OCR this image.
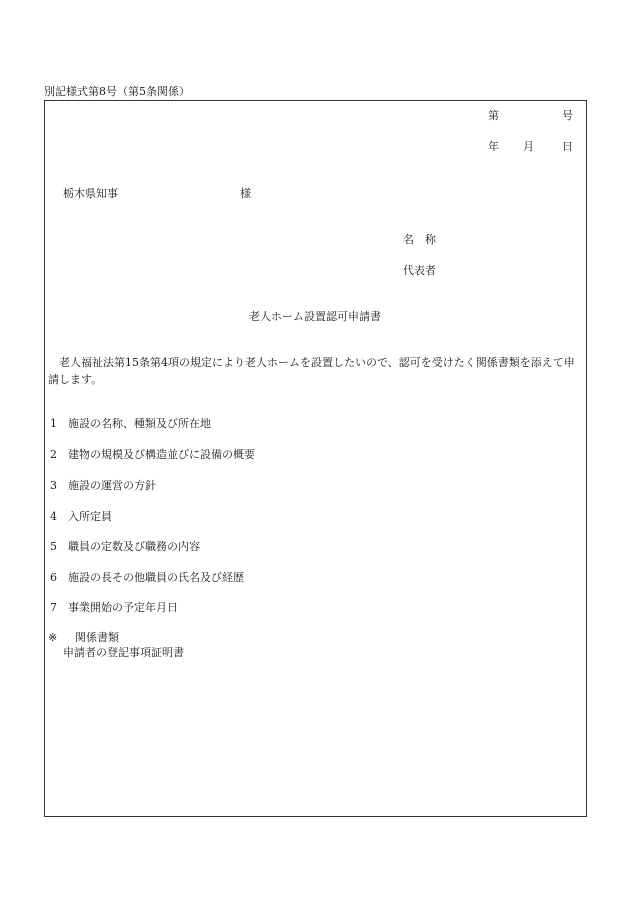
別記様式第8号（第5条関係）
第	号
年 月	日
栃木県知事	様
名　称
代表者
老人ホーム設置認可申請書
老人福祉法第15条第4項の規定により老人ホームを設置したいので、認可を受けたく関係書類を添えて申請します。
1 施設の名称、種類及び所在地
2 建物の規模及び構造並びに設備の概要
3 施設の運営の方針
4 入所定員
5 職員の定数及び職務の内容
6 施設の長その他職員の氏名及び経歴
7 事業開始の予定年月日
※ 関係書類
申請者の登記事項証明書
